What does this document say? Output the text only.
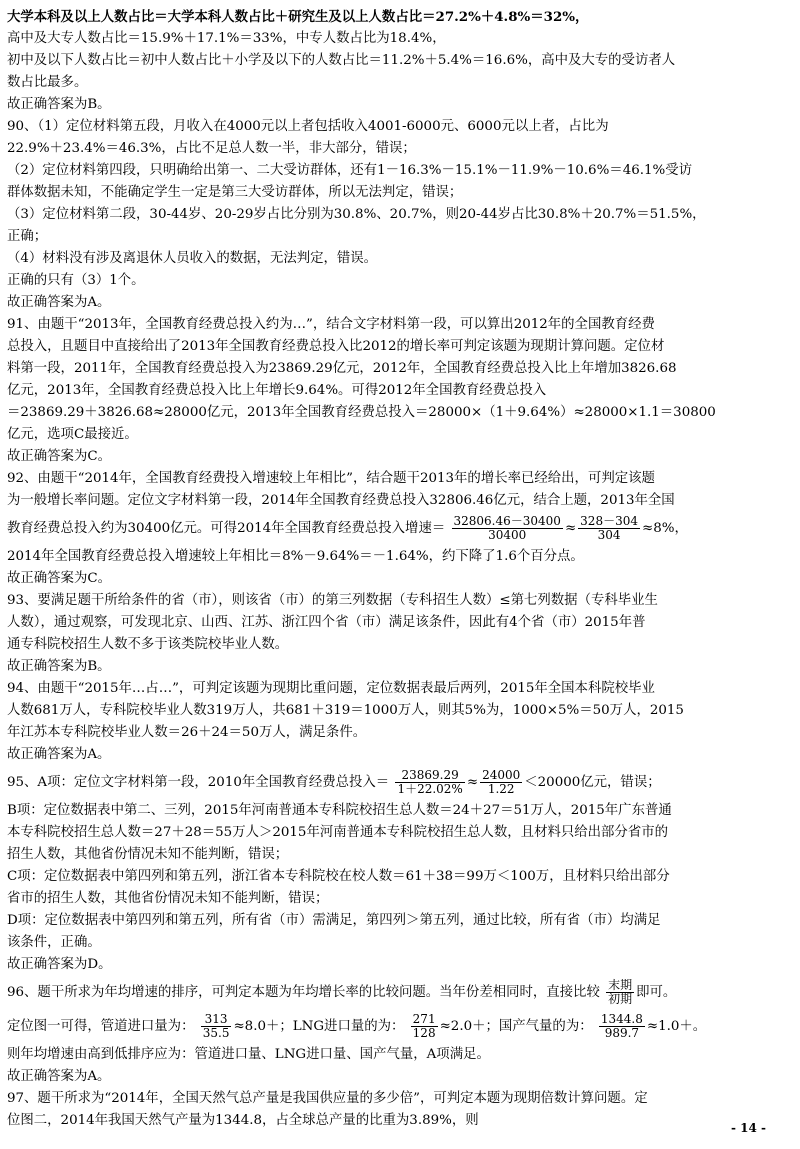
大学本科及以上人数占比＝大学本科人数占比＋研究生及以上人数占比＝27.2%＋4.8%＝32%，
高中及大专人数占比＝15.9%＋17.1%＝33%，中专人数占比为18.4%，
初中及以下人数占比＝初中人数占比＋小学及以下的人数占比＝11.2%＋5.4%＝16.6%，高中及大专的受访者人
数占比最多。
故正确答案为B。
90、（1）定位材料第五段，月收入在4000元以上者包括收入4001-6000元、6000元以上者，占比为
22.9%＋23.4%＝46.3%，占比不足总人数一半，非大部分，错误；
（2）定位材料第四段，只明确给出第一、二大受访群体，还有1－16.3%－15.1%－11.9%－10.6%＝46.1%受访
群体数据未知，不能确定学生一定是第三大受访群体，所以无法判定，错误；
（3）定位材料第二段，30-44岁、20-29岁占比分别为30.8%、20.7%，则20-44岁占比30.8%＋20.7%＝51.5%，
正确；
（4）材料没有涉及离退休人员收入的数据，无法判定，错误。
正确的只有（3）1个。
故正确答案为A。
91、由题干“2013年，全国教育经费总投入约为…”，结合文字材料第一段，可以算出2012年的全国教育经费
总投入，且题目中直接给出了2013年全国教育经费总投入比2012的增长率可判定该题为现期计算问题。定位材
料第一段，2011年，全国教育经费总投入为23869.29亿元，2012年，全国教育经费总投入比上年增加3826.68
亿元，2013年，全国教育经费总投入比上年增长9.64%。可得2012年全国教育经费总投入
＝23869.29＋3826.68≈28000亿元，2013年全国教育经费总投入＝28000×（1＋9.64%）≈28000×1.1＝30800
亿元，选项C最接近。
故正确答案为C。
92、由题干“2014年，全国教育经费投入增速较上年相比”，结合题干2013年的增长率已经给出，可判定该题
为一般增长率问题。定位文字材料第一段，2014年全国教育经费总投入32806.46亿元，结合上题，2013年全国
教育经费总投入约为30400亿元。可得2014年全国教育经费总投入增速＝ $\frac{32806.46-30400}{30400} \approx \frac{328-304}{304} \approx 8\%$，
2014年全国教育经费总投入增速较上年相比＝8%－9.64%＝－1.64%，约下降了1.6个百分点。
故正确答案为C。
93、要满足题干所给条件的省（市），则该省（市）的第三列数据（专科招生人数）≤第七列数据（专科毕业生
人数），通过观察，可发现北京、山西、江苏、浙江四个省（市）满足该条件，因此有4个省（市）2015年普
通专科院校招生人数不多于该类院校毕业人数。
故正确答案为B。
94、由题干“2015年…占…”，可判定该题为现期比重问题，定位数据表最后两列，2015年全国本科院校毕业
人数681万人，专科院校毕业人数319万人，共681＋319＝1000万人，则其5%为，1000×5%＝50万人，2015
年江苏本专科院校毕业人数＝26＋24＝50万人，满足条件。
故正确答案为A。
95、A项：定位文字材料第一段，2010年全国教育经费总投入＝ $\frac{23869.29}{1+22.02\%} \approx \frac{24000}{1.22} <20000$亿元，错误；
B项：定位数据表中第二、三列，2015年河南普通本专科院校招生总人数＝24＋27＝51万人，2015年广东普通
本专科院校招生总人数＝27＋28＝55万人＞2015年河南普通本专科院校招生总人数，且材料只给出部分省市的
招生人数，其他省份情况未知不能判断，错误；
C项：定位数据表中第四列和第五列，浙江省本专科院校在校人数＝61＋38＝99万＜100万，且材料只给出部分
省市的招生人数，其他省份情况未知不能判断，错误；
D项：定位数据表中第四列和第五列，所有省（市）需满足，第四列＞第五列，通过比较，所有省（市）均满足
该条件，正确。
故正确答案为D。
96、题干所求为年均增速的排序，可判定本题为年均增长率的比较问题。当年份差相同时，直接比较 $\frac{\text{末期}}{\text{初期}}$ 即可。
定位图一可得，管道进口量为： $\frac{313}{35.5} \approx 8.0+$；LNG进口量的为： $\frac{271}{128} \approx 2.0+$；国产气量的为： $\frac{1344.8}{989.7} \approx 1.0+$。
则年均增速由高到低排序应为：管道进口量、LNG进口量、国产气量，A项满足。
故正确答案为A。
97、题干所求为“2014年，全国天然气总产量是我国供应量的多少倍”，可判定本题为现期倍数计算问题。定
位图二，2014年我国天然气产量为1344.8，占全球总产量的比重为3.89%，则	- 14 -
